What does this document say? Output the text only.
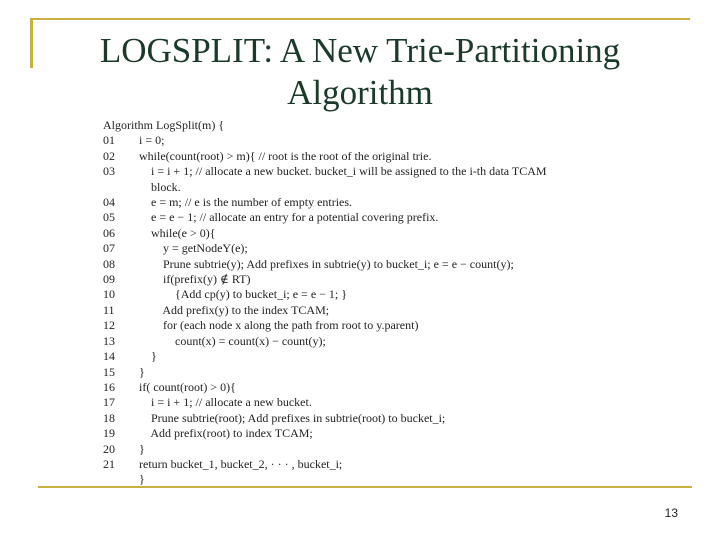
LOGSPLIT: A New Trie-Partitioning Algorithm
Algorithm LogSplit(m) {
01	i = 0;
02	while(count(root) > m){ // root is the root of the original trie.
03	i = i + 1; // allocate a new bucket. bucket_i will be assigned to the i-th data TCAM
block.
04	e = m; // e is the number of empty entries.
05	e = e − 1; // allocate an entry for a potential covering prefix.
06	while(e > 0){
07	y = getNodeY(e);
08	Prune subtrie(y); Add prefixes in subtrie(y) to bucket_i; e = e − count(y);
09	if(prefix(y) ∉ RT)
10	{Add cp(y) to bucket_i; e = e − 1; }
11	Add prefix(y) to the index TCAM;
12	for (each node x along the path from root to y.parent)
13	count(x) = count(x) − count(y);
14	}
15	}
16	if( count(root) > 0){
17	i = i + 1; // allocate a new bucket.
18	Prune subtrie(root); Add prefixes in subtrie(root) to bucket_i;
19	Add prefix(root) to index TCAM;
20	}
21	return bucket_1, bucket_2, · · · , bucket_i;
}
13
